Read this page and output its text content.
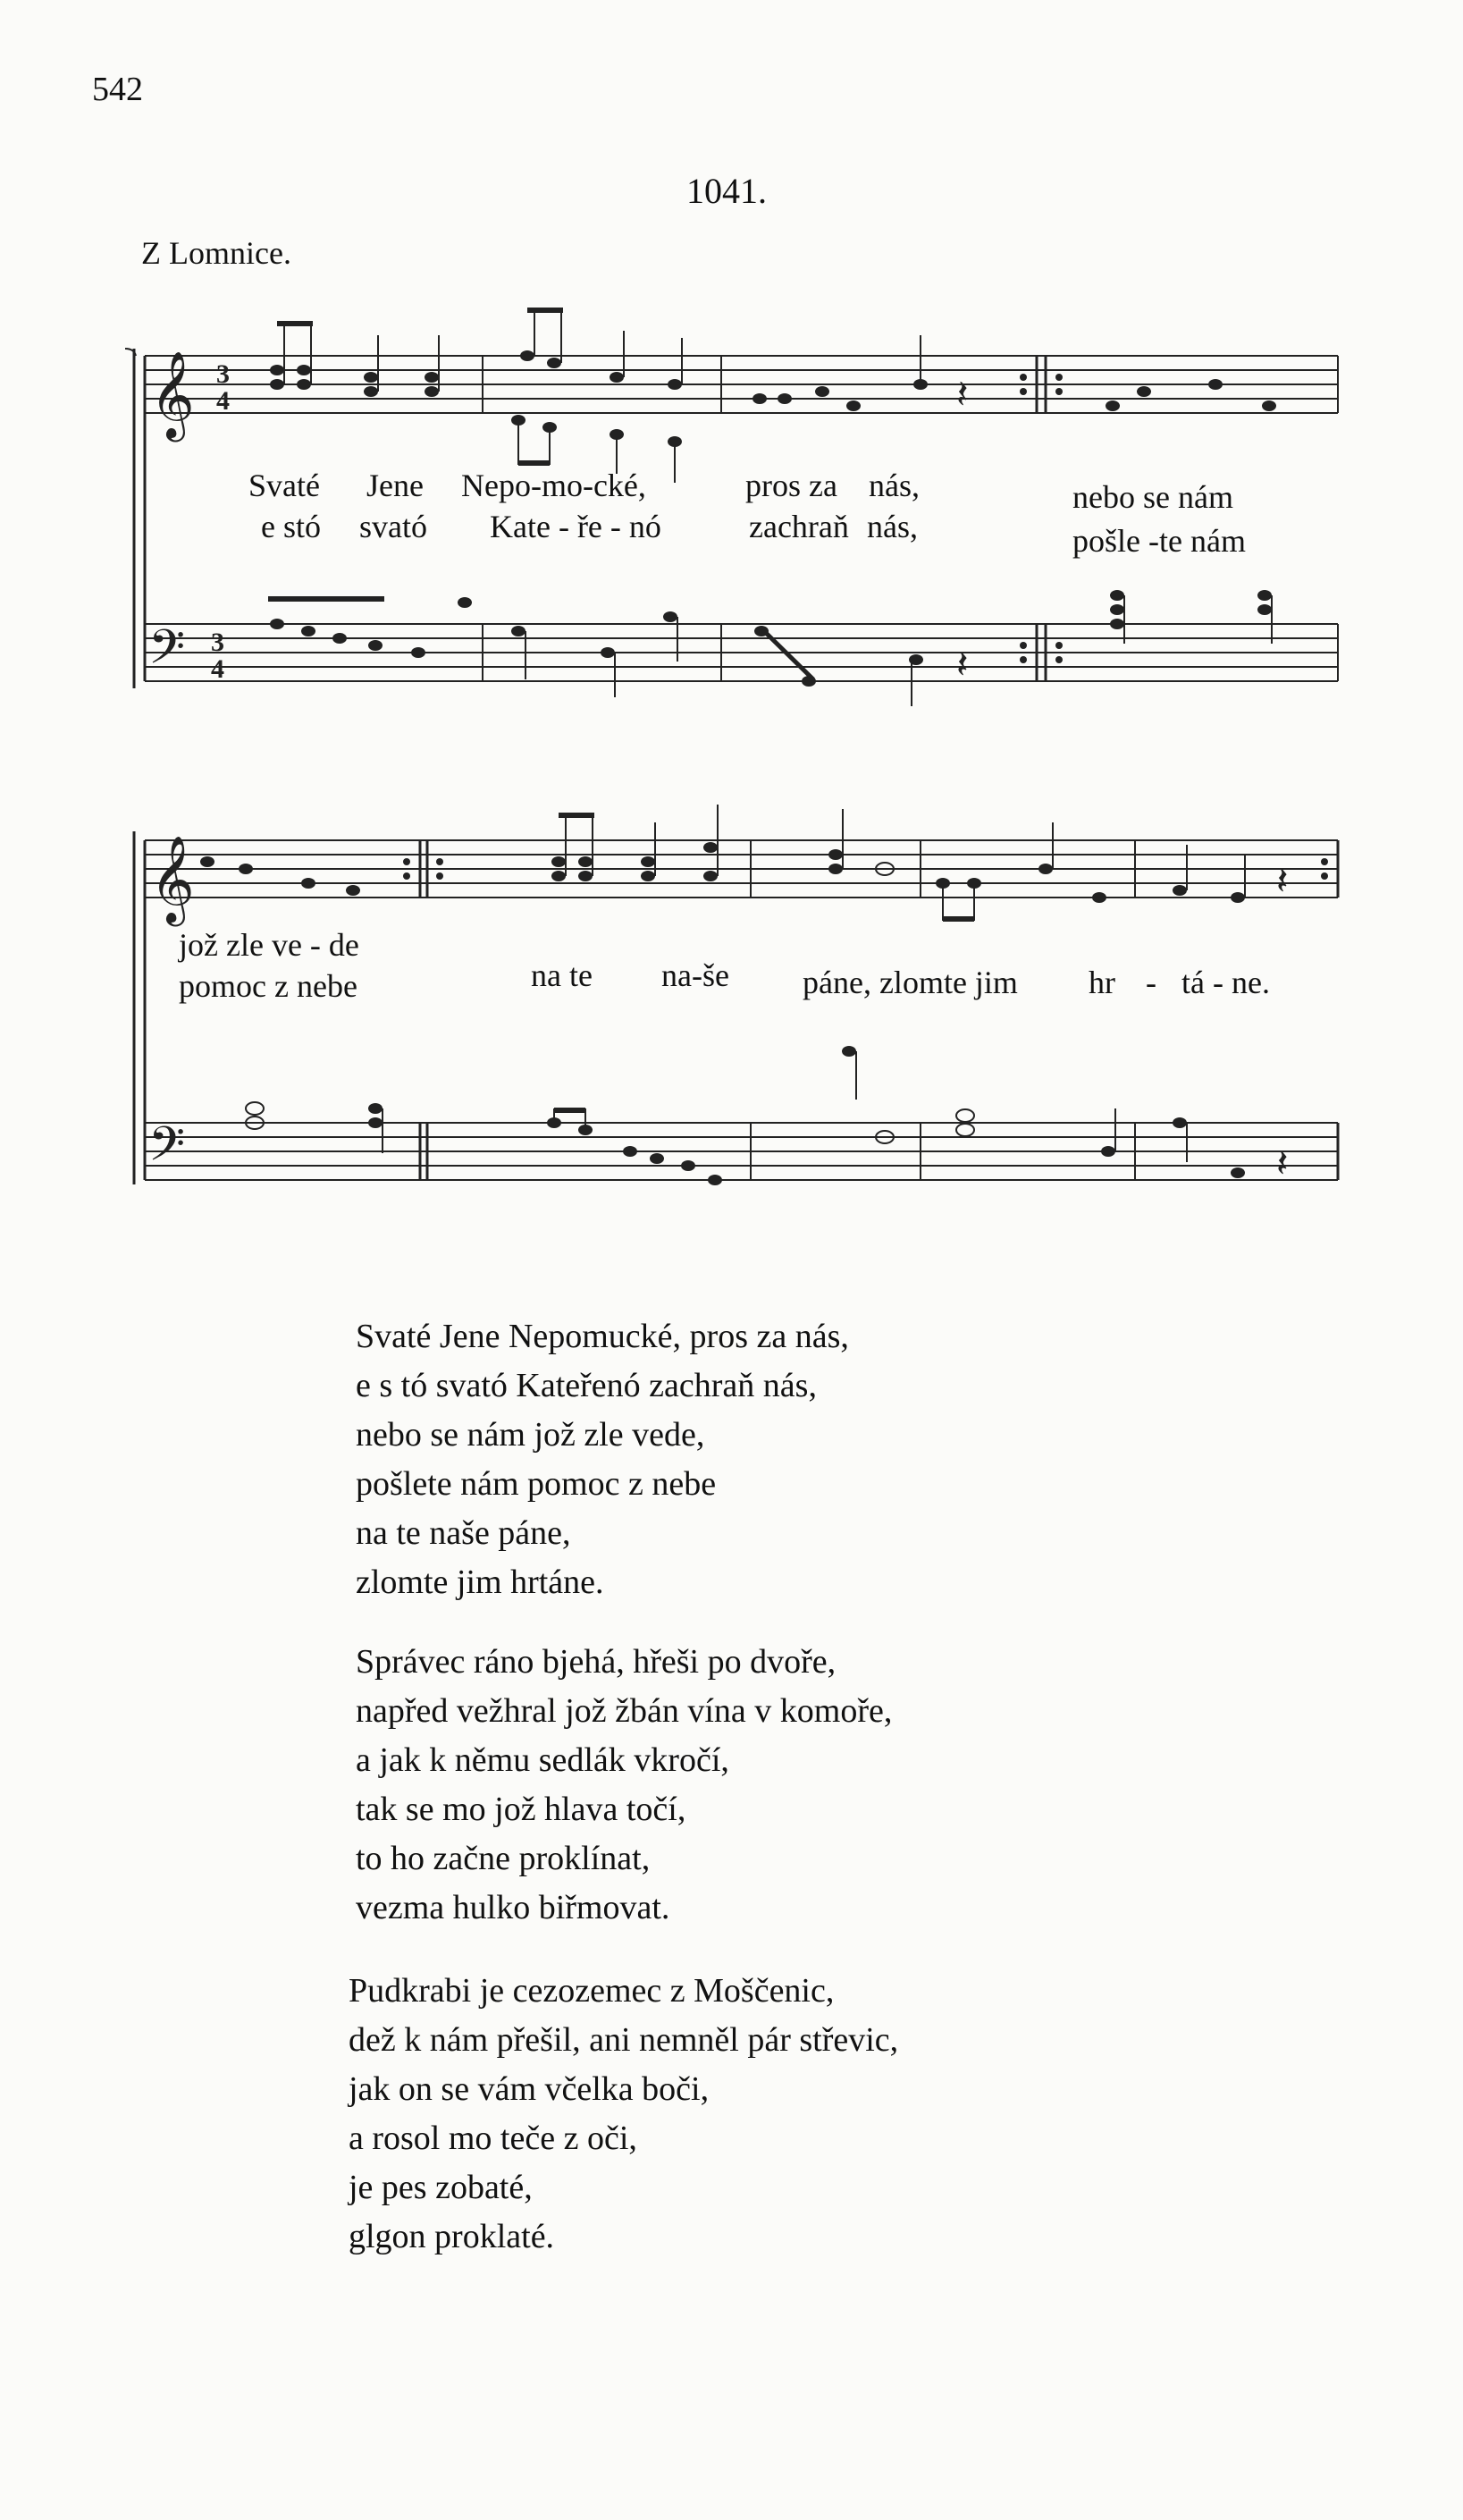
542
1041.
Z Lomnice.
𝄞
𝄞
𝄢
𝄢
3
4
3
4
𝄽
𝄽
𝄽
𝄽
Svaté Jene Nepo-mo-cké,	pros za nás,	nebo se nám
e stó svató Kate - ře - nó	zachraň nás,	pošle -te nám
jož zle ve - de
pomoc z nebe	na te na-še páne, zlomte jim hr - tá - ne.
Svaté Jene Nepomucké, pros za nás,
e s tó svató Kateřenó zachraň nás,
nebo se nám jož zle vede,
pošlete nám pomoc z nebe
na te naše páne,
zlomte jim hrtáne.
Správec ráno bjehá, hřeši po dvoře,
napřed vežhral jož žbán vína v komoře,
a jak k němu sedlák vkročí,
tak se mo jož hlava točí,
to ho začne proklínat,
vezma hulko biřmovat.
Pudkrabi je cezozemec z Moščenic,
dež k nám přešil, ani nemněl pár střevic,
jak on se vám včelka boči,
a rosol mo teče z oči,
je pes zobaté,
glgon proklaté.
